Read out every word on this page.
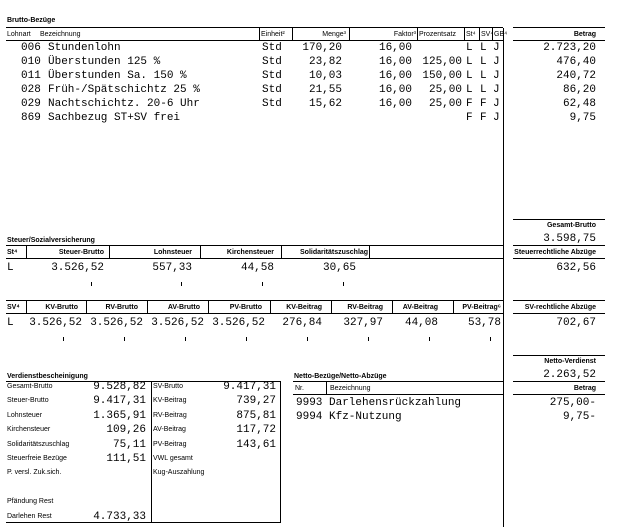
Brutto-Bezüge
Lohnart Bezeichnung	Einheit²	Menge³	Faktor³ Prozentsatz St⁴ SV⁴ GB⁴	Betrag
006 Stundenlohn	Std	170,20	16,00	L L J	2.723,20
010 Überstunden 125 %	Std	23,82	16,00 125,00 L L J	476,40
011 Überstunden Sa. 150 %	Std	10,03	16,00 150,00 L L J	240,72
028 Früh-/Spätschichtz 25 %	Std	21,55	16,00	25,00 L L J	86,20
029 Nachtschichtz. 20-6 Uhr	Std	15,62	16,00	25,00 F F J	62,48
869 Sachbezug ST+SV frei	F F J	9,75
Gesamt-Brutto
3.598,75
Steuer/Sozialversicherung
St⁴	Steuer-Brutto	Lohnsteuer	Kirchensteuer	Solidaritätszuschlag	Steuerrechtliche Abzüge
L	3.526,52	557,33	44,58	30,65	632,56
SV⁴	KV-Brutto	RV-Brutto	AV-Brutto	PV-Brutto	KV-Beitrag	RV-Beitrag	AV-Beitrag	PV-Beitrag⁶	SV-rechtliche Abzüge
L	3.526,52 3.526,52 3.526,52 3.526,52	276,84	327,97	44,08	53,78	702,67
Netto-Verdienst
2.263,52
Verdienstbescheinigung
Gesamt-Brutto	9.528,82
Steuer-Brutto	9.417,31
Lohnsteuer	1.365,91
Kirchensteuer	109,26
Solidaritätszuschlag	75,11
Steuerfreie Bezüge	111,51
P. versl. Zuk.sich.
Pfändung Rest
Darlehen Rest	4.733,33
SV-Brutto	9.417,31
KV-Beitrag	739,27
RV-Beitrag	875,81
AV-Beitrag	117,72
PV-Beitrag	143,61
VWL gesamt
Kug-Auszahlung
Netto-Bezüge/Netto-Abzüge
Nr.	Bezeichnung	Betrag
9993 Darlehensrückzahlung	275,00-
9994 Kfz-Nutzung	9,75-
